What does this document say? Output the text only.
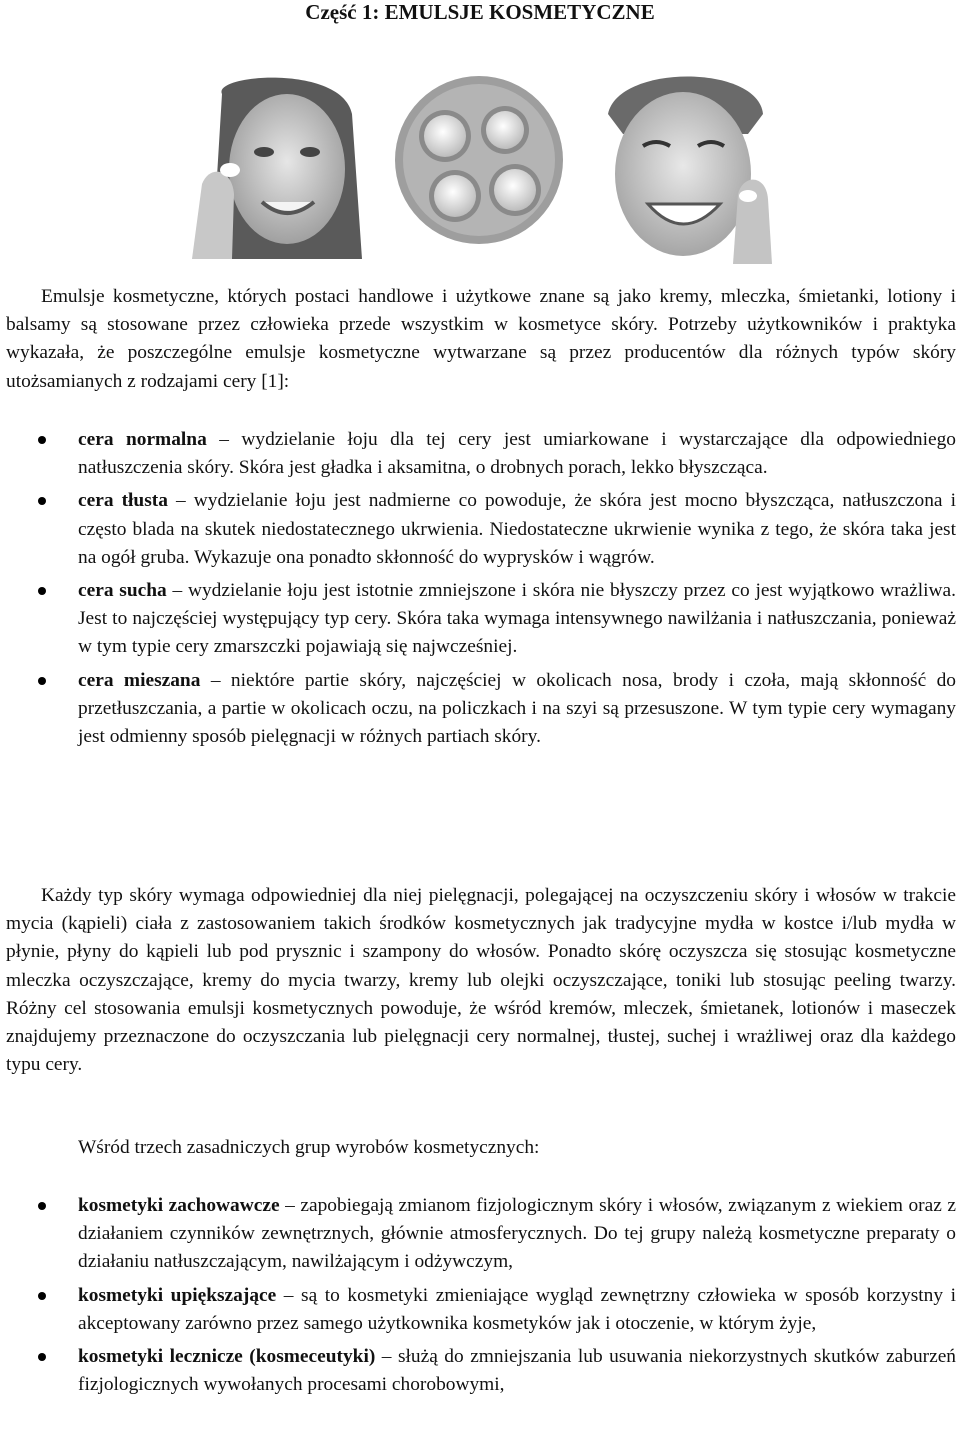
Część 1: EMULSJE KOSMETYCZNE
Emulsje kosmetyczne, których postaci handlowe i użytkowe znane są jako kremy, mleczka, śmietanki, lotiony i balsamy są stosowane przez człowieka przede wszystkim w kosmetyce skóry. Potrzeby użytkowników i praktyka wykazała, że poszczególne emulsje kosmetyczne wytwarzane są przez producentów dla różnych typów skóry utożsamianych z rodzajami cery [1]:
cera normalna – wydzielanie łoju dla tej cery jest umiarkowane i wystarczające dla odpowiedniego natłuszczenia skóry. Skóra jest gładka i aksamitna, o drobnych porach, lekko błyszcząca.
cera tłusta – wydzielanie łoju jest nadmierne co powoduje, że skóra jest mocno błyszcząca, natłuszczona i często blada na skutek niedostatecznego ukrwienia. Niedostateczne ukrwienie wynika z tego, że skóra taka jest na ogół gruba. Wykazuje ona ponadto skłonność do wyprysków i wągrów.
cera sucha – wydzielanie łoju jest istotnie zmniejszone i skóra nie błyszczy przez co jest wyjątkowo wrażliwa. Jest to najczęściej występujący typ cery. Skóra taka wymaga intensywnego nawilżania i natłuszczania, ponieważ w tym typie cery zmarszczki pojawiają się najwcześniej.
cera mieszana – niektóre partie skóry, najczęściej w okolicach nosa, brody i czoła, mają skłonność do przetłuszczania, a partie w okolicach oczu, na policzkach i na szyi są przesuszone. W tym typie cery wymagany jest odmienny sposób pielęgnacji w różnych partiach skóry.
Każdy typ skóry wymaga odpowiedniej dla niej pielęgnacji, polegającej na oczyszczeniu skóry i włosów w trakcie mycia (kąpieli) ciała z zastosowaniem takich środków kosmetycznych jak tradycyjne mydła w kostce i/lub mydła w płynie, płyny do kąpieli lub pod prysznic i szampony do włosów. Ponadto skórę oczyszcza się stosując kosmetyczne mleczka oczyszczające, kremy do mycia twarzy, kremy lub olejki oczyszczające, toniki lub stosując peeling twarzy. Różny cel stosowania emulsji kosmetycznych powoduje, że wśród kremów, mleczek, śmietanek, lotionów i maseczek znajdujemy przeznaczone do oczyszczania lub pielęgnacji cery normalnej, tłustej, suchej i wrażliwej oraz dla każdego typu cery.
Wśród trzech zasadniczych grup wyrobów kosmetycznych:
kosmetyki zachowawcze – zapobiegają zmianom fizjologicznym skóry i włosów, związanym z wiekiem oraz z działaniem czynników zewnętrznych, głównie atmosferycznych. Do tej grupy należą kosmetyczne preparaty o działaniu natłuszczającym, nawilżającym i odżywczym,
kosmetyki upiększające – są to kosmetyki zmieniające wygląd zewnętrzny człowieka w sposób korzystny i akceptowany zarówno przez samego użytkownika kosmetyków jak i otoczenie, w którym żyje,
kosmetyki lecznicze (kosmeceutyki) – służą do zmniejszania lub usuwania niekorzystnych skutków zaburzeń fizjologicznych wywołanych procesami chorobowymi,
